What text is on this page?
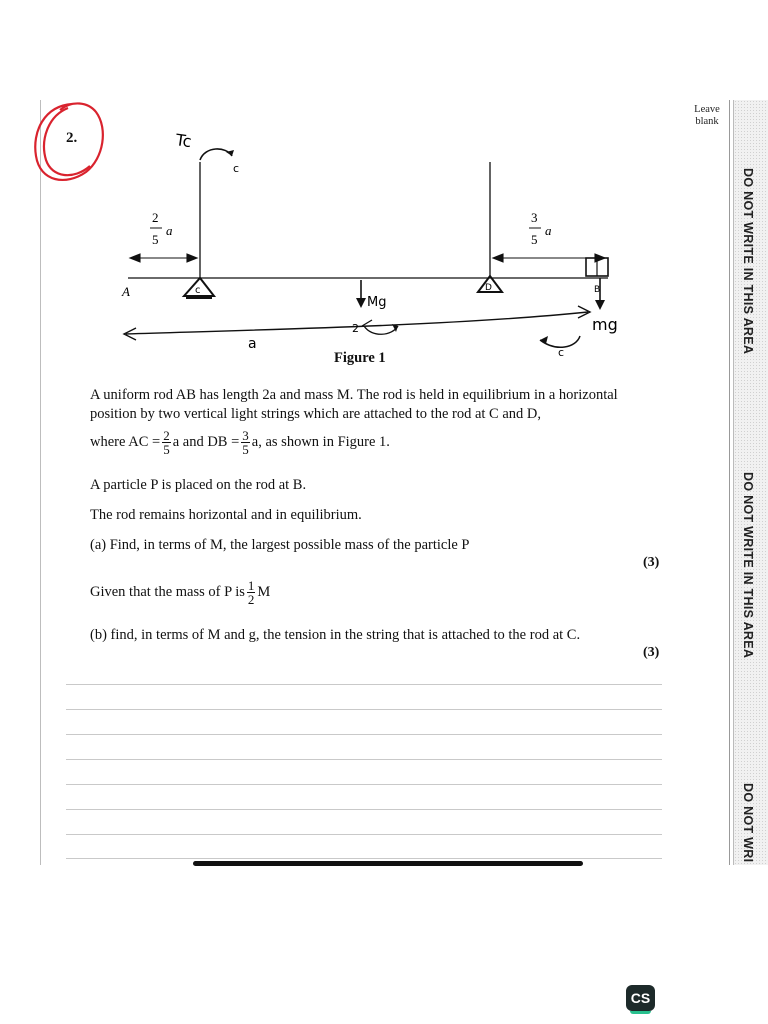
Leave
blank
DO NOT WRITE IN THIS AREA
DO NOT WRITE IN THIS AREA
DO NOT WRI
2.
2
5
a
3
5
a
A	c	D
Tc
c
Mg
B
mg
a
2
c
Figure 1
A uniform rod AB has length 2a and mass M. The rod is held in equilibrium in a horizontal
position by two vertical light strings which are attached to the rod at C and D,
where AC = $\frac{2}{5}$ a and DB = $\frac{3}{5} a$, as shown in Figure 1.
A particle P is placed on the rod at B.
The rod remains horizontal and in equilibrium.
(a) Find, in terms of M, the largest possible mass of the particle P
(3)
Given that the mass of P is $\frac{1}{2}$ M
(b) find, in terms of M and g, the tension in the string that is attached to the rod at C.
(3)
CS
